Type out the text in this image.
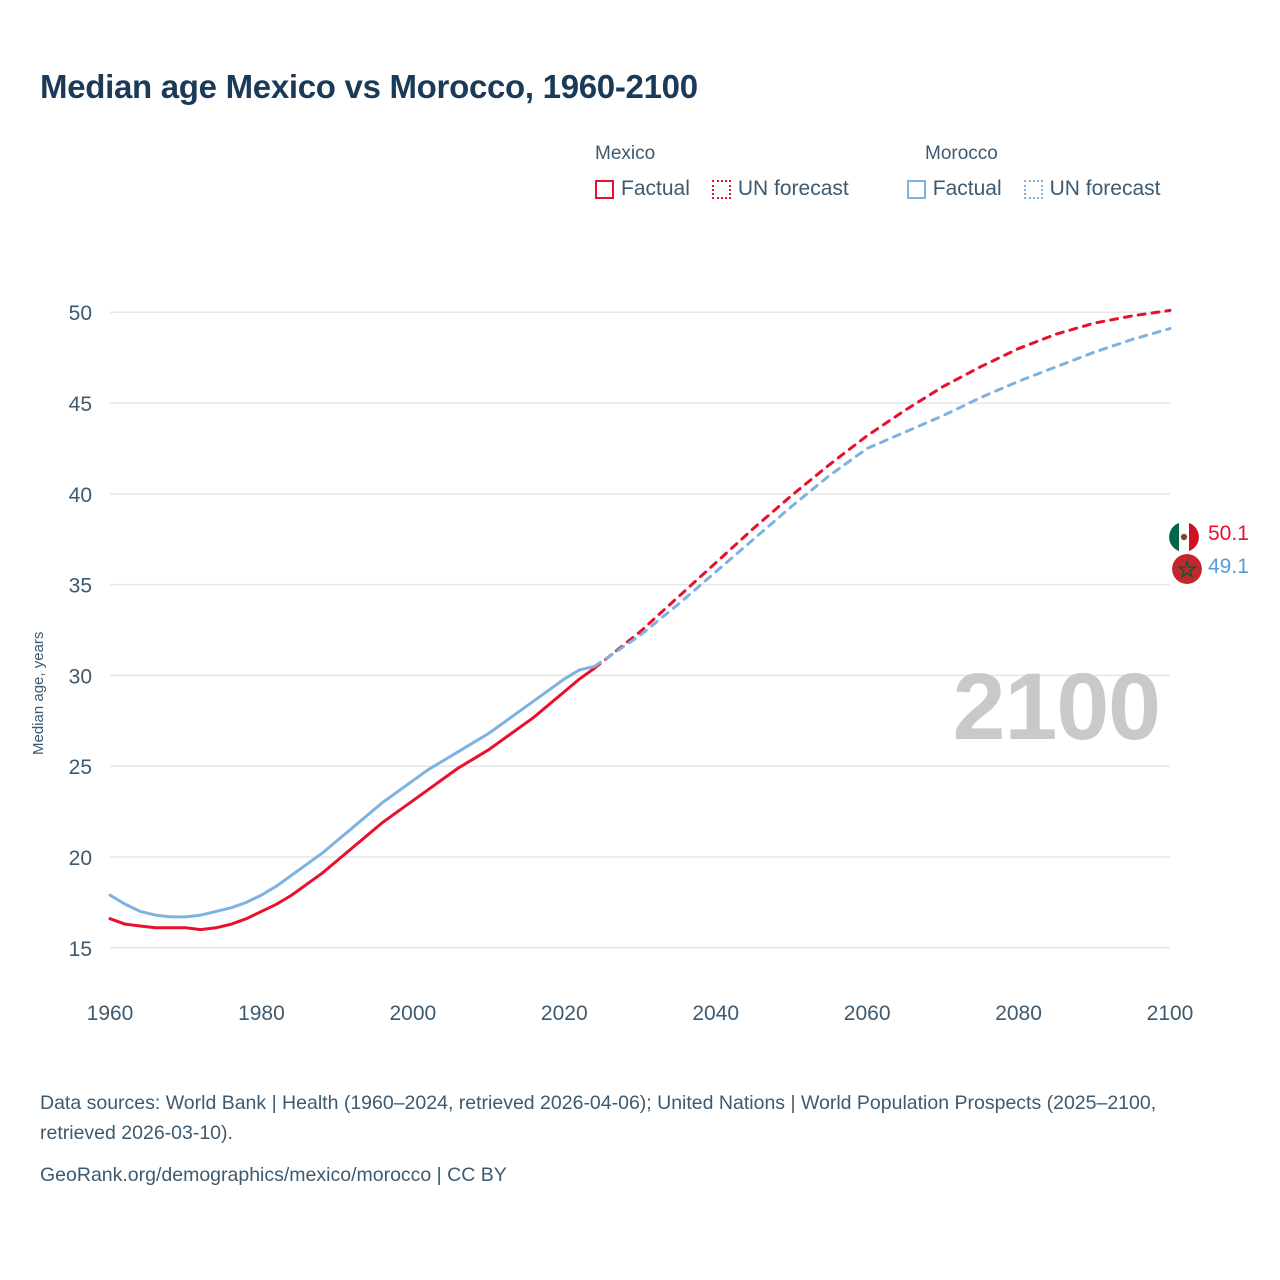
Median age Mexico vs Morocco, 1960-2100
Mexico	Morocco
Factual UN forecast	Factual UN forecast
Median age, years	2100
15
20
25
30
35
40
45
50
1960	1980	2000	2020	2040	2060	2080	2100
50.1
49.1
Data sources: World Bank | Health (1960–2024, retrieved 2026-04-06); United Nations | World Population Prospects (2025–2100, retrieved 2026-03-10).
GeoRank.org/demographics/mexico/morocco | CC BY
